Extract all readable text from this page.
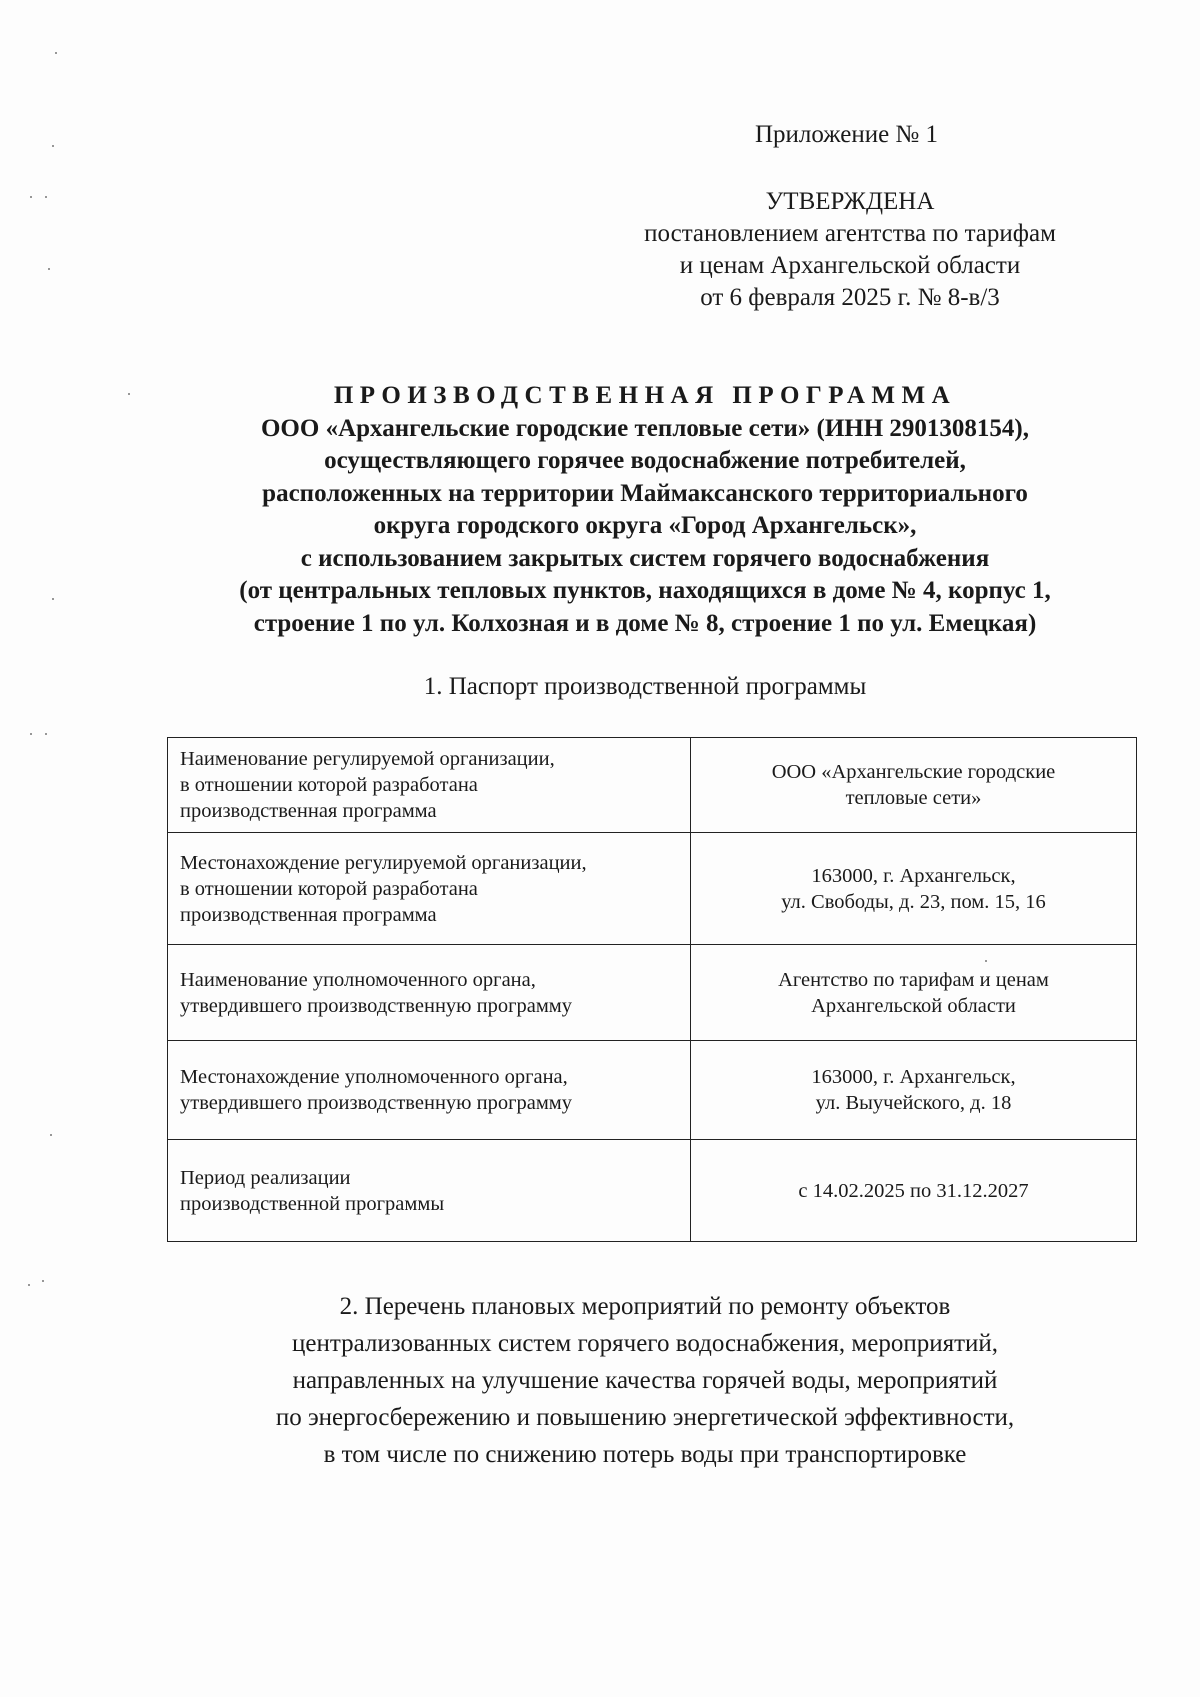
Приложение № 1
УТВЕРЖДЕНА
постановлением агентства по тарифам
и ценам Архангельской области
от 6 февраля 2025 г. № 8-в/3
ПРОИЗВОДСТВЕННАЯ ПРОГРАММА
ООО «Архангельские городские тепловые сети» (ИНН 2901308154),
осуществляющего горячее водоснабжение потребителей,
расположенных на территории Маймаксанского территориального
округа городского округа «Город Архангельск»,
с использованием закрытых систем горячего водоснабжения
(от центральных тепловых пунктов, находящихся в доме № 4, корпус 1,
строение 1 по ул. Колхозная и в доме № 8, строение 1 по ул. Емецкая)
1. Паспорт производственной программы
Наименование регулируемой организации,
в отношении которой разработана
производственная программа	ООО «Архангельские городские
тепловые сети»

Местонахождение регулируемой организации,
в отношении которой разработана
производственная программа	163000, г. Архангельск,
ул. Свободы, д. 23, пом. 15, 16

Наименование уполномоченного органа,
утвердившего производственную программу	Агентство по тарифам и ценам
Архангельской области

Местонахождение уполномоченного органа,
утвердившего производственную программу	163000, г. Архангельск,
ул. Выучейского, д. 18

Период реализации
производственной программы	с 14.02.2025 по 31.12.2027
2. Перечень плановых мероприятий по ремонту объектов
централизованных систем горячего водоснабжения, мероприятий,
направленных на улучшение качества горячей воды, мероприятий
по энергосбережению и повышению энергетической эффективности,
в том числе по снижению потерь воды при транспортировке
